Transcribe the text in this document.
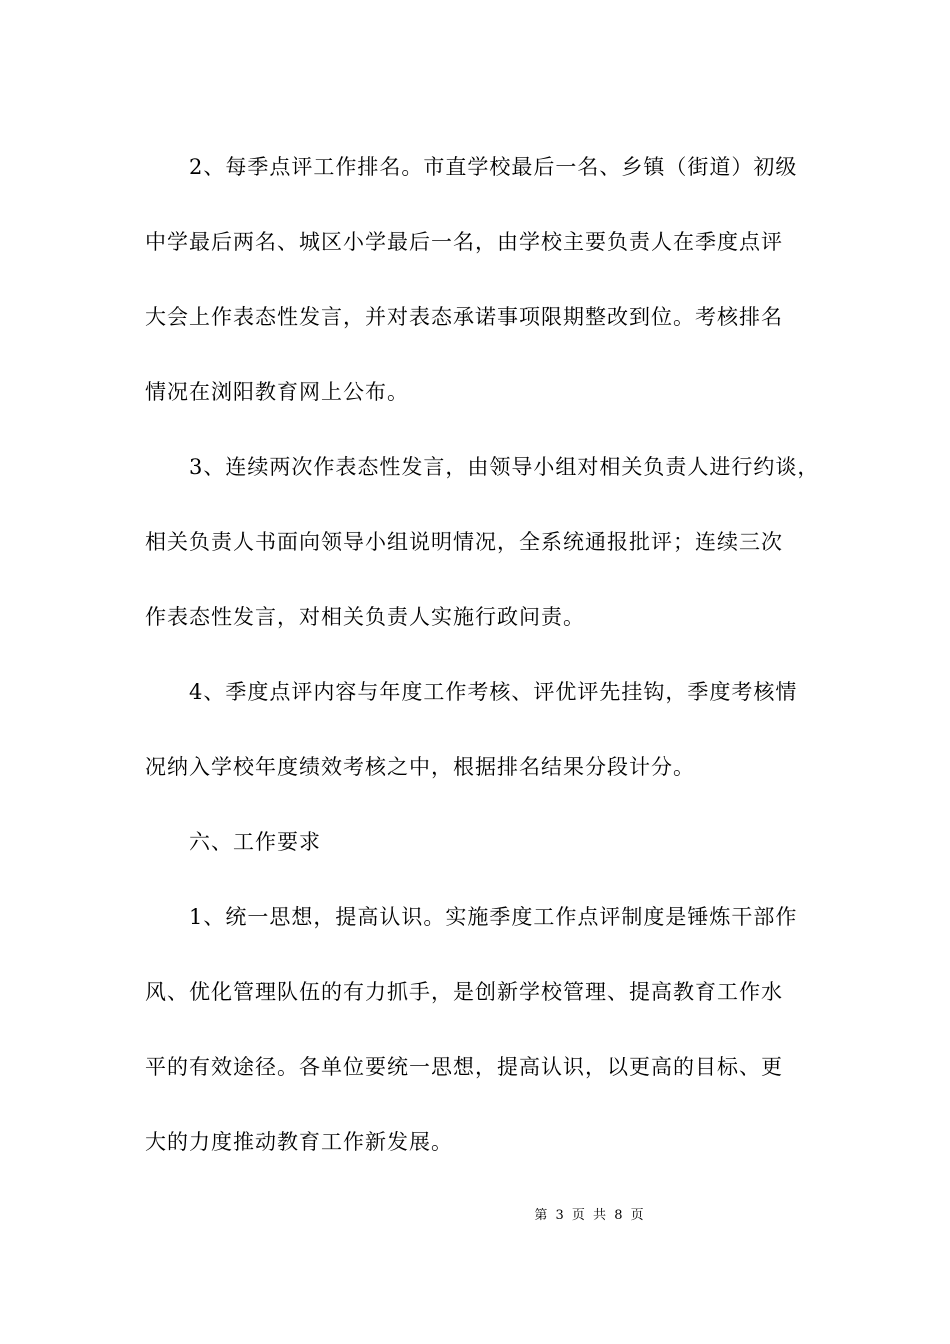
2、每季点评工作排名。市直学校最后一名、乡镇（街道）初级
中学最后两名、城区小学最后一名，由学校主要负责人在季度点评
大会上作表态性发言，并对表态承诺事项限期整改到位。考核排名
情况在浏阳教育网上公布。
3、连续两次作表态性发言，由领导小组对相关负责人进行约谈，
相关负责人书面向领导小组说明情况，全系统通报批评；连续三次
作表态性发言，对相关负责人实施行政问责。
4、季度点评内容与年度工作考核、评优评先挂钩，季度考核情
况纳入学校年度绩效考核之中，根据排名结果分段计分。
六、工作要求
1、统一思想，提高认识。实施季度工作点评制度是锤炼干部作
风、优化管理队伍的有力抓手，是创新学校管理、提高教育工作水
平的有效途径。各单位要统一思想，提高认识，以更高的目标、更
大的力度推动教育工作新发展。
第 3 页 共 8 页
